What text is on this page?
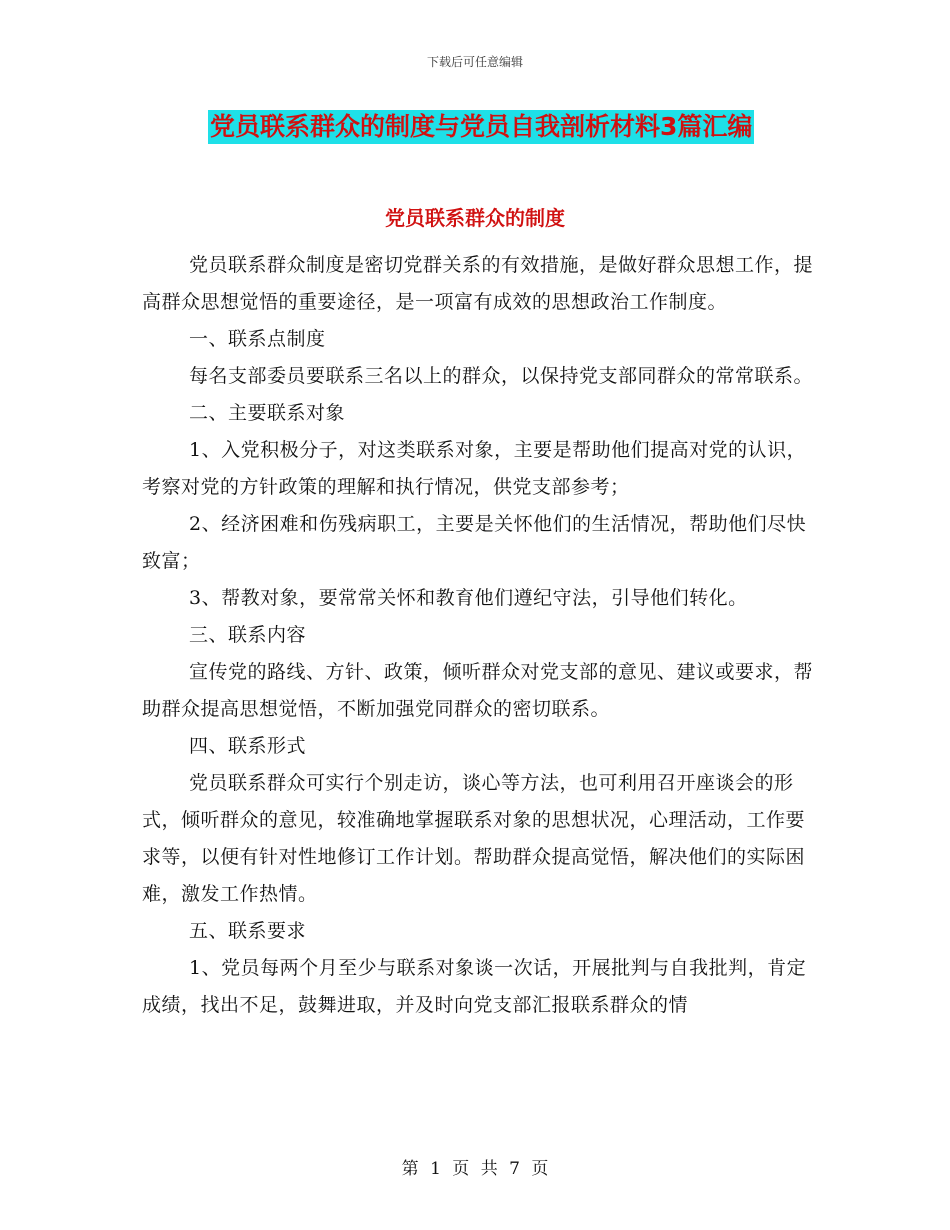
下载后可任意编辑
党员联系群众的制度与党员自我剖析材料3篇汇编
党员联系群众的制度

党员联系群众制度是密切党群关系的有效措施，是做好群众思想工作，提高群众思想觉悟的重要途径，是一项富有成效的思想政治工作制度。

一、联系点制度

每名支部委员要联系三名以上的群众，以保持党支部同群众的常常联系。

二、主要联系对象

1、入党积极分子，对这类联系对象，主要是帮助他们提高对党的认识，考察对党的方针政策的理解和执行情况，供党支部参考；

2、经济困难和伤残病职工，主要是关怀他们的生活情况，帮助他们尽快致富；

3、帮教对象，要常常关怀和教育他们遵纪守法，引导他们转化。

三、联系内容

宣传党的路线、方针、政策，倾听群众对党支部的意见、建议或要求，帮助群众提高思想觉悟，不断加强党同群众的密切联系。

四、联系形式

党员联系群众可实行个别走访，谈心等方法，也可利用召开座谈会的形式，倾听群众的意见，较准确地掌握联系对象的思想状况，心理活动，工作要求等，以便有针对性地修订工作计划。帮助群众提高觉悟，解决他们的实际困难，激发工作热情。

五、联系要求

1、党员每两个月至少与联系对象谈一次话，开展批判与自我批判，肯定成绩，找出不足，鼓舞进取，并及时向党支部汇报联系群众的情

第 1 页 共 7 页
